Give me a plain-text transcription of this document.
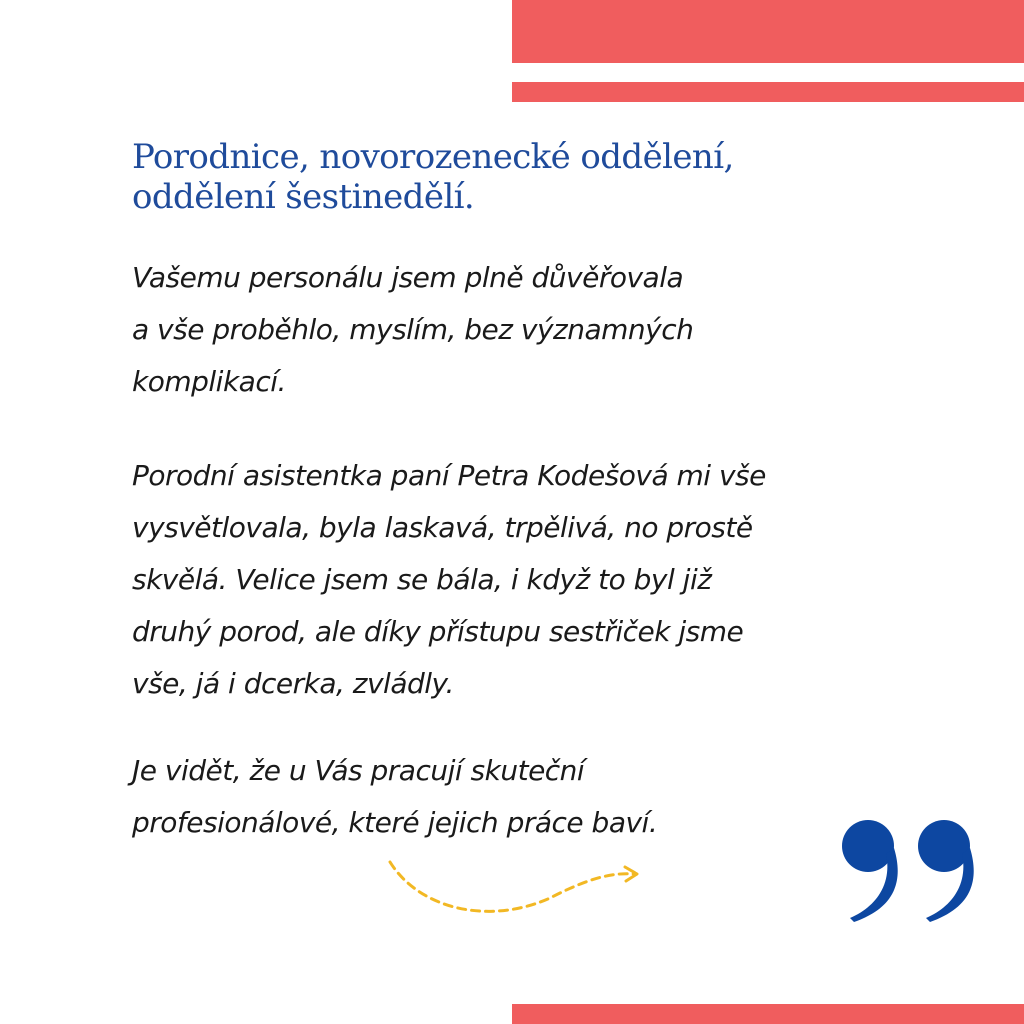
Porodnice, novorozenecké oddělení,
oddělení šestinedělí.

Vašemu personálu jsem plně důvěřovala
a vše proběhlo, myslím, bez významných
komplikací.

Porodní asistentka paní Petra Kodešová mi vše
vysvětlovala, byla laskavá, trpělivá, no prostě
skvělá. Velice jsem se bála, i když to byl již
druhý porod, ale díky přístupu sestřiček jsme
vše, já i dcerka, zvládly.

Je vidět, že u Vás pracují skuteční
profesionálové, které jejich práce baví.
